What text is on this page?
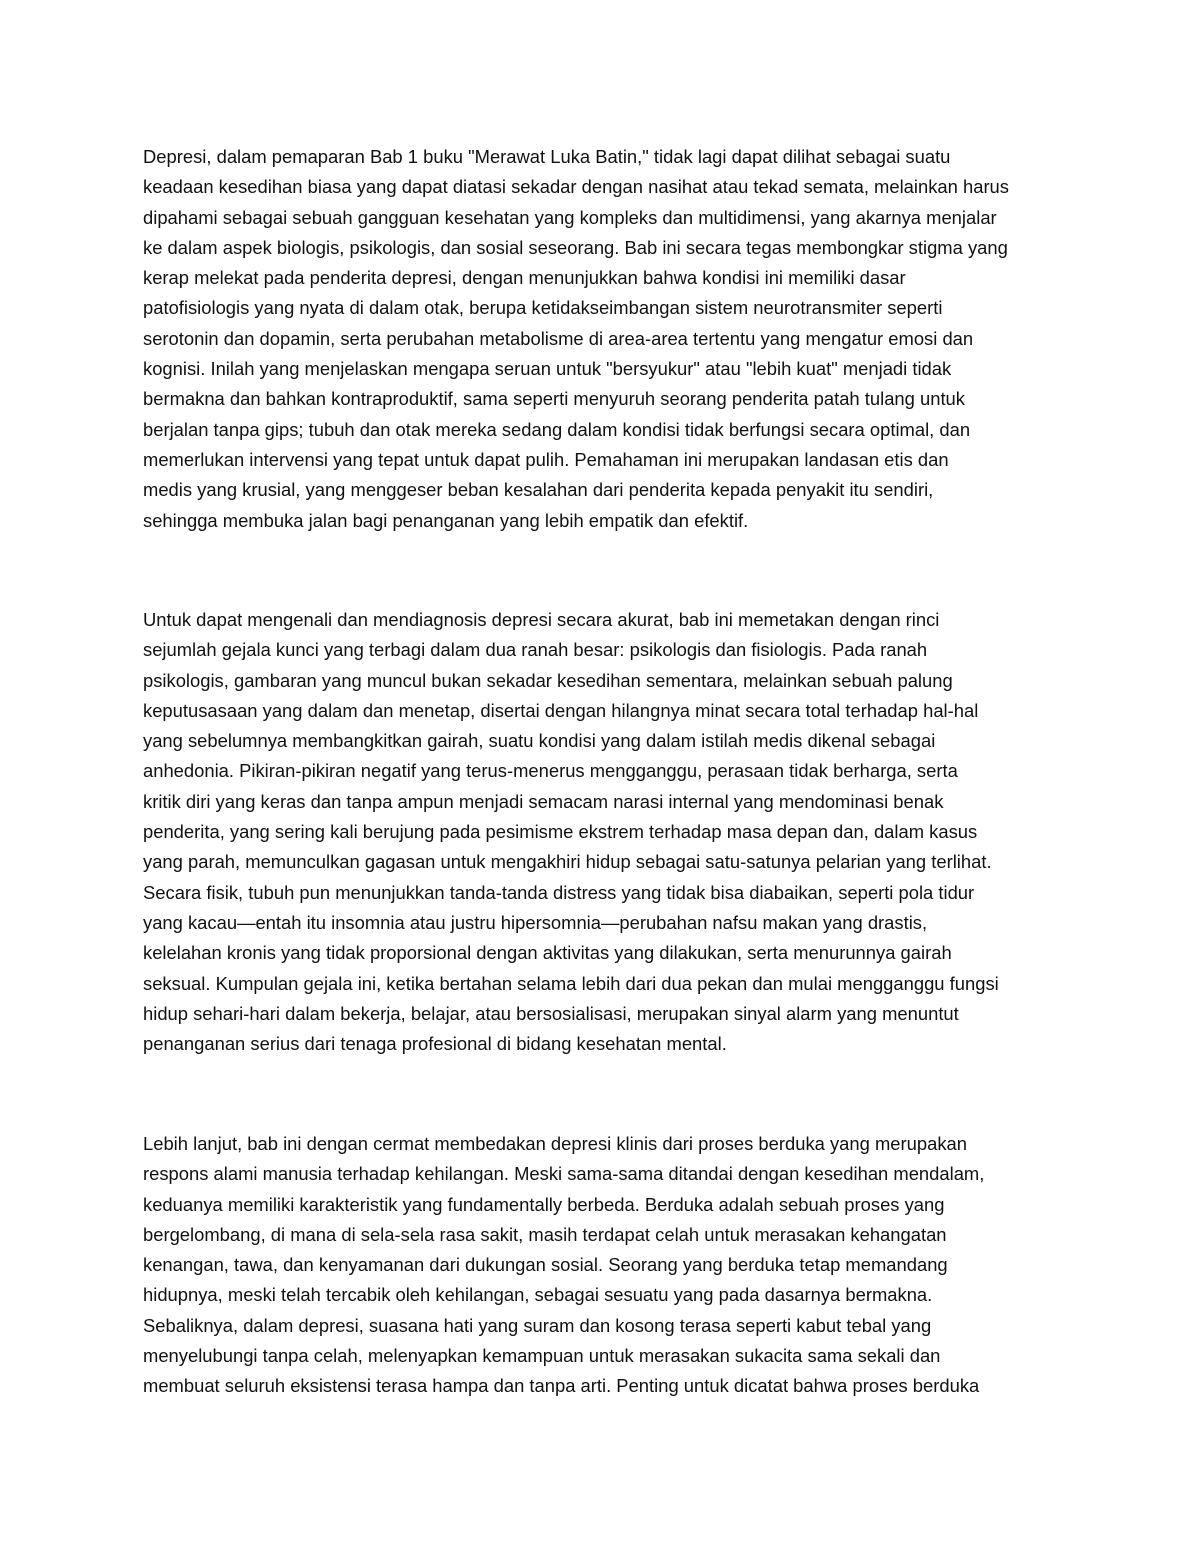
Depresi, dalam pemaparan Bab 1 buku "Merawat Luka Batin," tidak lagi dapat dilihat sebagai suatu
keadaan kesedihan biasa yang dapat diatasi sekadar dengan nasihat atau tekad semata, melainkan harus
dipahami sebagai sebuah gangguan kesehatan yang kompleks dan multidimensi, yang akarnya menjalar
ke dalam aspek biologis, psikologis, dan sosial seseorang. Bab ini secara tegas membongkar stigma yang
kerap melekat pada penderita depresi, dengan menunjukkan bahwa kondisi ini memiliki dasar
patofisiologis yang nyata di dalam otak, berupa ketidakseimbangan sistem neurotransmiter seperti
serotonin dan dopamin, serta perubahan metabolisme di area-area tertentu yang mengatur emosi dan
kognisi. Inilah yang menjelaskan mengapa seruan untuk "bersyukur" atau "lebih kuat" menjadi tidak
bermakna dan bahkan kontraproduktif, sama seperti menyuruh seorang penderita patah tulang untuk
berjalan tanpa gips; tubuh dan otak mereka sedang dalam kondisi tidak berfungsi secara optimal, dan
memerlukan intervensi yang tepat untuk dapat pulih. Pemahaman ini merupakan landasan etis dan
medis yang krusial, yang menggeser beban kesalahan dari penderita kepada penyakit itu sendiri,
sehingga membuka jalan bagi penanganan yang lebih empatik dan efektif.
Untuk dapat mengenali dan mendiagnosis depresi secara akurat, bab ini memetakan dengan rinci
sejumlah gejala kunci yang terbagi dalam dua ranah besar: psikologis dan fisiologis. Pada ranah
psikologis, gambaran yang muncul bukan sekadar kesedihan sementara, melainkan sebuah palung
keputusasaan yang dalam dan menetap, disertai dengan hilangnya minat secara total terhadap hal-hal
yang sebelumnya membangkitkan gairah, suatu kondisi yang dalam istilah medis dikenal sebagai
anhedonia. Pikiran-pikiran negatif yang terus-menerus mengganggu, perasaan tidak berharga, serta
kritik diri yang keras dan tanpa ampun menjadi semacam narasi internal yang mendominasi benak
penderita, yang sering kali berujung pada pesimisme ekstrem terhadap masa depan dan, dalam kasus
yang parah, memunculkan gagasan untuk mengakhiri hidup sebagai satu-satunya pelarian yang terlihat.
Secara fisik, tubuh pun menunjukkan tanda-tanda distress yang tidak bisa diabaikan, seperti pola tidur
yang kacau—entah itu insomnia atau justru hipersomnia—perubahan nafsu makan yang drastis,
kelelahan kronis yang tidak proporsional dengan aktivitas yang dilakukan, serta menurunnya gairah
seksual. Kumpulan gejala ini, ketika bertahan selama lebih dari dua pekan dan mulai mengganggu fungsi
hidup sehari-hari dalam bekerja, belajar, atau bersosialisasi, merupakan sinyal alarm yang menuntut
penanganan serius dari tenaga profesional di bidang kesehatan mental.
Lebih lanjut, bab ini dengan cermat membedakan depresi klinis dari proses berduka yang merupakan
respons alami manusia terhadap kehilangan. Meski sama-sama ditandai dengan kesedihan mendalam,
keduanya memiliki karakteristik yang fundamentally berbeda. Berduka adalah sebuah proses yang
bergelombang, di mana di sela-sela rasa sakit, masih terdapat celah untuk merasakan kehangatan
kenangan, tawa, dan kenyamanan dari dukungan sosial. Seorang yang berduka tetap memandang
hidupnya, meski telah tercabik oleh kehilangan, sebagai sesuatu yang pada dasarnya bermakna.
Sebaliknya, dalam depresi, suasana hati yang suram dan kosong terasa seperti kabut tebal yang
menyelubungi tanpa celah, melenyapkan kemampuan untuk merasakan sukacita sama sekali dan
membuat seluruh eksistensi terasa hampa dan tanpa arti. Penting untuk dicatat bahwa proses berduka
